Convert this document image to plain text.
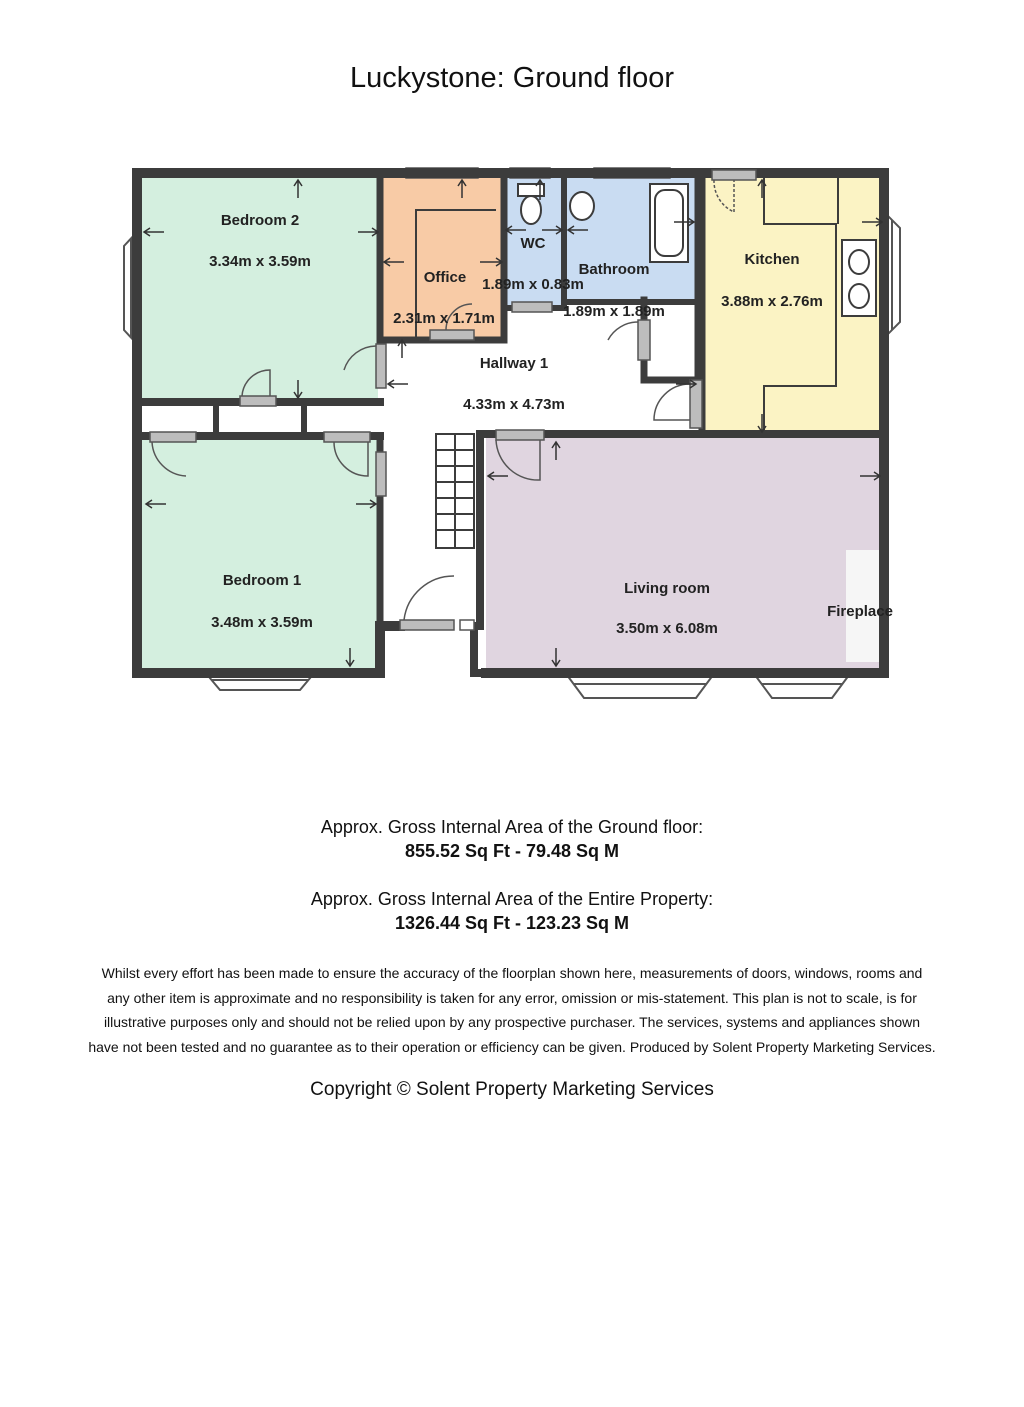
Luckystone: Ground floor
Bedroom 2
3.34m x 3.59m
Office
2.31m x 1.71m
WC
1.89m x 0.83m
Bathroom
1.89m x 1.89m
Kitchen
3.88m x 2.76m
Hallway 1
4.33m x 4.73m
Bedroom 1
3.48m x 3.59m
Living room
3.50m x 6.08m
Fireplace
Approx. Gross Internal Area of the Ground floor:
855.52 Sq Ft - 79.48 Sq M
Approx. Gross Internal Area of the Entire Property:
1326.44 Sq Ft - 123.23 Sq M
Whilst every effort has been made to ensure the accuracy of the floorplan shown here, measurements of doors, windows, rooms and
any other item is approximate and no responsibility is taken for any error, omission or mis-statement. This plan is not to scale, is for
illustrative purposes only and should not be relied upon by any prospective purchaser. The services, systems and appliances shown
have not been tested and no guarantee as to their operation or efficiency can be given. Produced by Solent Property Marketing Services.
Copyright © Solent Property Marketing Services
